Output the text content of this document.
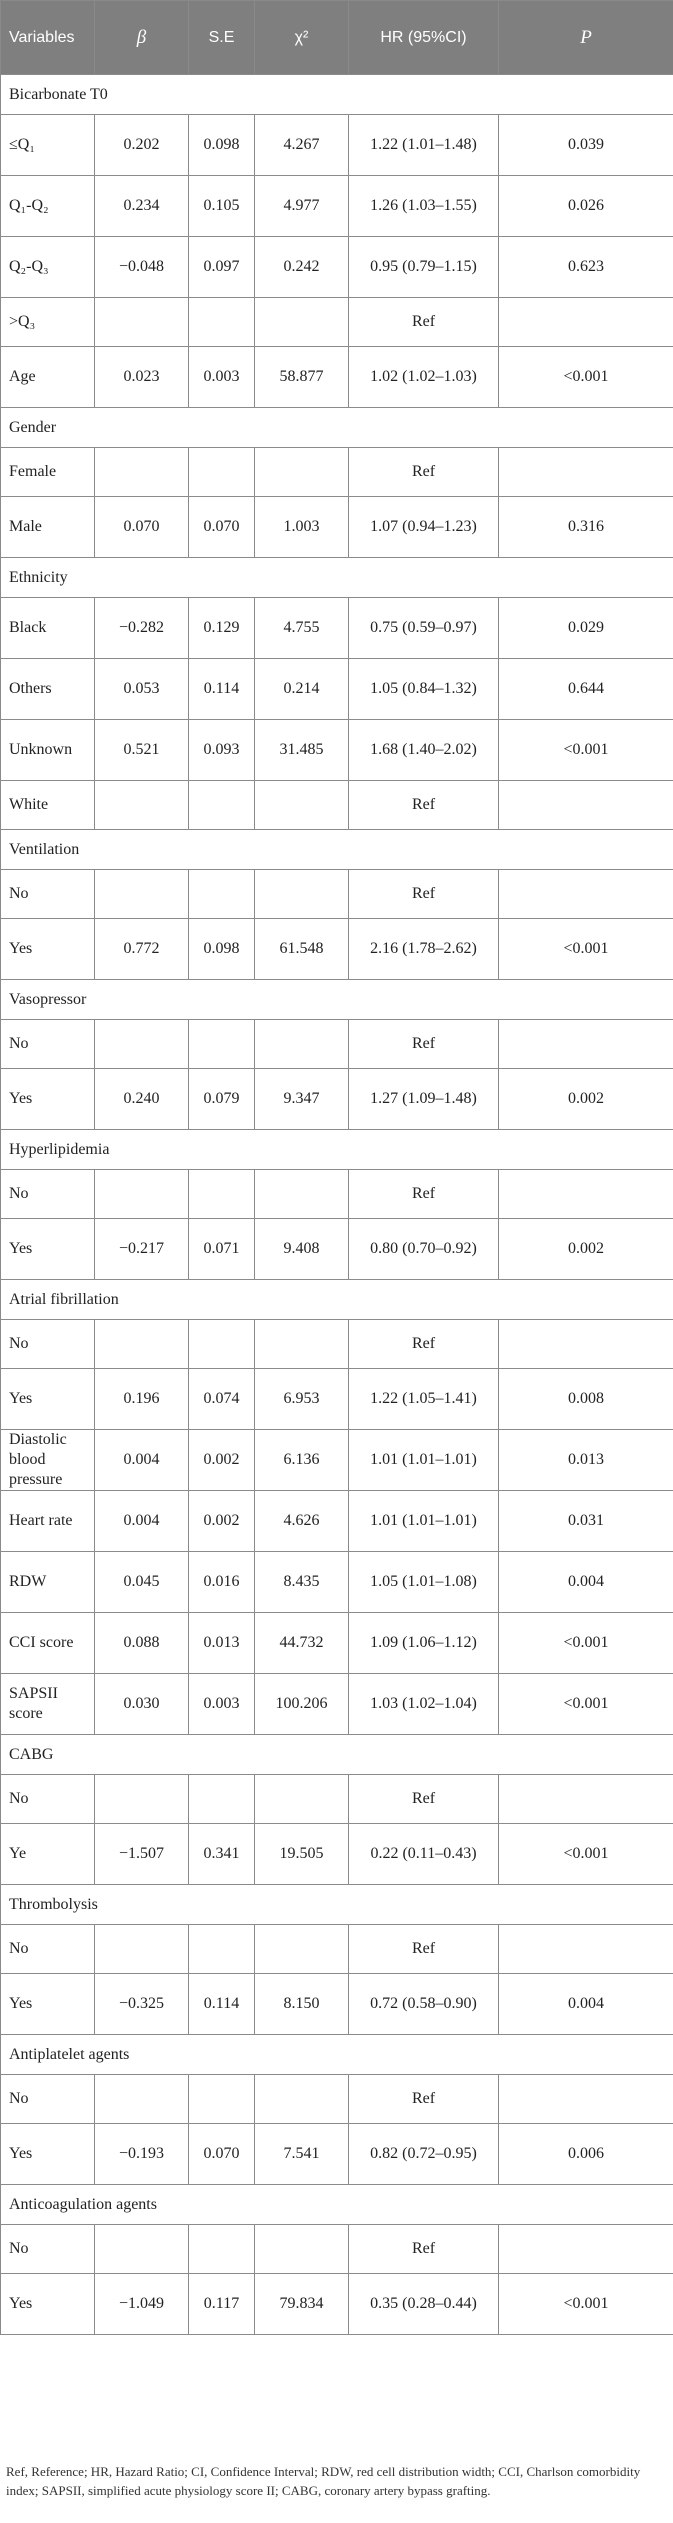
Variables	β	S.E	χ²	HR (95%CI)	P
Bicarbonate T0					
≤Q₁	0.202	0.098	4.267	1.22 (1.01–1.48)	0.039
Q₁-Q₂	0.234	0.105	4.977	1.26 (1.03–1.55)	0.026
Q₂-Q₃	−0.048	0.097	0.242	0.95 (0.79–1.15)	0.623
>Q₃				Ref	
Age	0.023	0.003	58.877	1.02 (1.02–1.03)	<0.001
Gender					
Female				Ref	
Male	0.070	0.070	1.003	1.07 (0.94–1.23)	0.316
Ethnicity					
Black	−0.282	0.129	4.755	0.75 (0.59–0.97)	0.029
Others	0.053	0.114	0.214	1.05 (0.84–1.32)	0.644
Unknown	0.521	0.093	31.485	1.68 (1.40–2.02)	<0.001
White				Ref	
Ventilation					
No				Ref	
Yes	0.772	0.098	61.548	2.16 (1.78–2.62)	<0.001
Vasopressor					
No				Ref	
Yes	0.240	0.079	9.347	1.27 (1.09–1.48)	0.002
Hyperlipidemia					
No				Ref	
Yes	−0.217	0.071	9.408	0.80 (0.70–0.92)	0.002
Atrial fibrillation					
No				Ref	
Yes	0.196	0.074	6.953	1.22 (1.05–1.41)	0.008
Diastolic blood pressure	0.004	0.002	6.136	1.01 (1.01–1.01)	0.013
Heart rate	0.004	0.002	4.626	1.01 (1.01–1.01)	0.031
RDW	0.045	0.016	8.435	1.05 (1.01–1.08)	0.004
CCI score	0.088	0.013	44.732	1.09 (1.06–1.12)	<0.001
SAPSII score	0.030	0.003	100.206	1.03 (1.02–1.04)	<0.001
CABG					
No				Ref	
Ye	−1.507	0.341	19.505	0.22 (0.11–0.43)	<0.001
Thrombolysis					
No				Ref	
Yes	−0.325	0.114	8.150	0.72 (0.58–0.90)	0.004
Antiplatelet agents					
No				Ref	
Yes	−0.193	0.070	7.541	0.82 (0.72–0.95)	0.006
Anticoagulation agents					
No				Ref	
Yes	−1.049	0.117	79.834	0.35 (0.28–0.44)	<0.001
Ref, Reference; HR, Hazard Ratio; CI, Confidence Interval; RDW, red cell distribution width; CCI, Charlson comorbidity index; SAPSII, simplified acute physiology score II; CABG, coronary artery bypass grafting.
